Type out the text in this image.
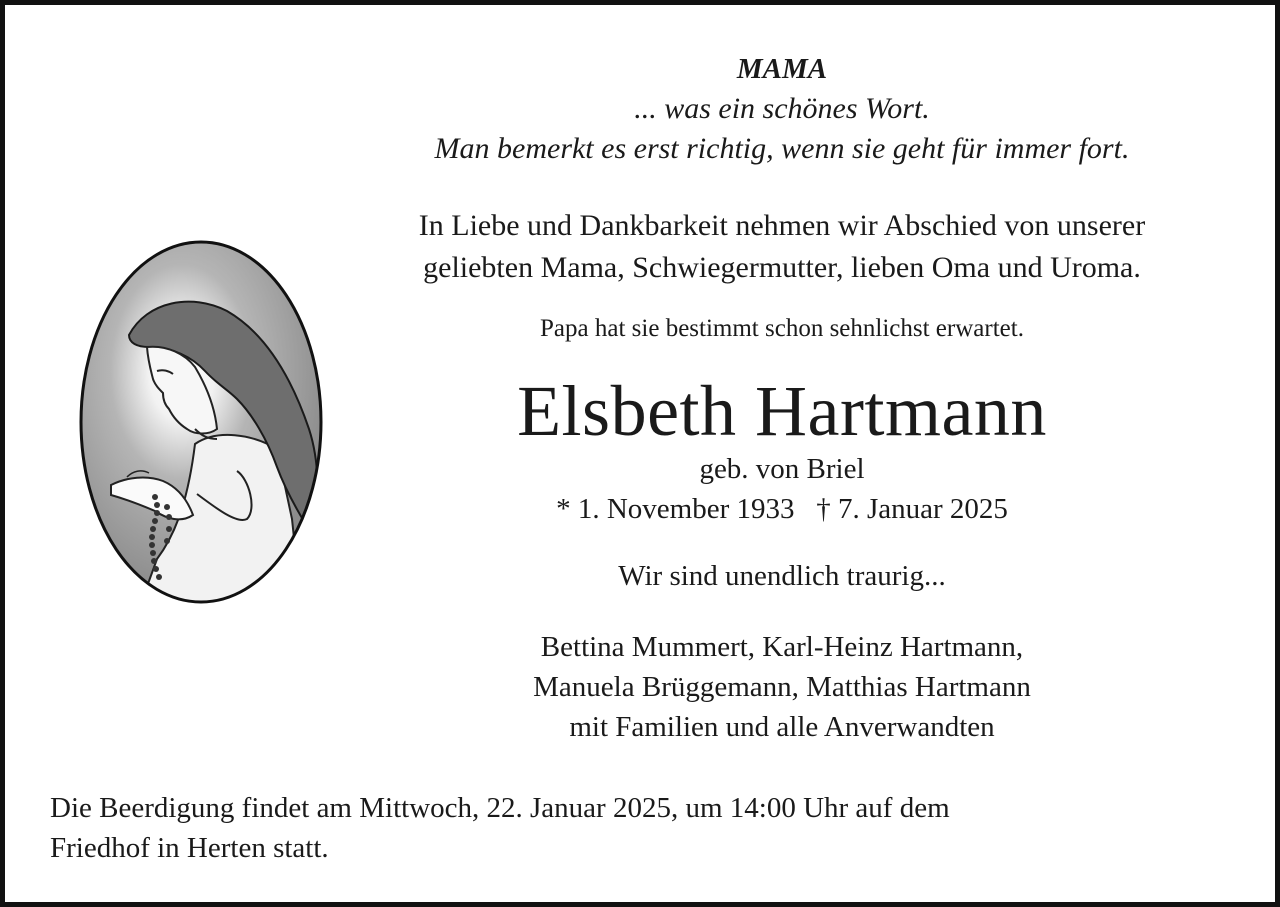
MAMA
... was ein schönes Wort.
Man bemerkt es erst richtig, wenn sie geht für immer fort.
In Liebe und Dankbarkeit nehmen wir Abschied von unserer
geliebten Mama, Schwiegermutter, lieben Oma und Uroma.
Papa hat sie bestimmt schon sehnlichst erwartet.
Elsbeth Hartmann
geb. von Briel
* 1. November 1933   † 7. Januar 2025
Wir sind unendlich traurig...
Bettina Mummert, Karl-Heinz Hartmann,
Manuela Brüggemann, Matthias Hartmann
mit Familien und alle Anverwandten
Die Beerdigung findet am Mittwoch, 22. Januar 2025, um 14:00 Uhr auf dem
Friedhof in Herten statt.
